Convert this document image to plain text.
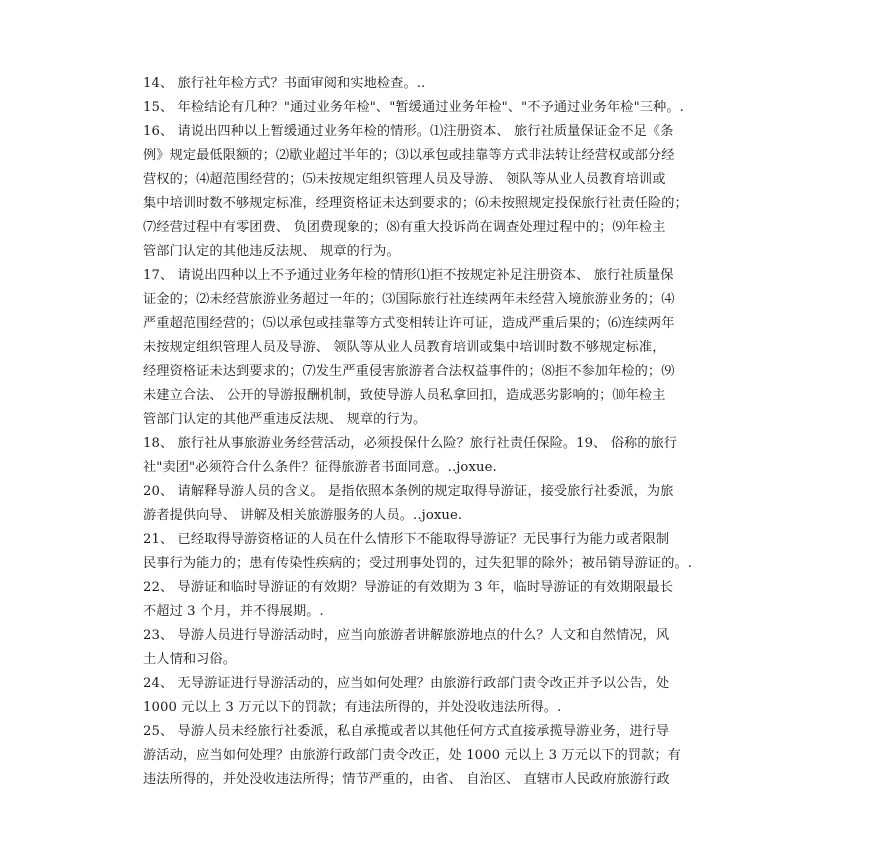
14、 旅行社年检方式？书面审阅和实地检查。..
15、 年检结论有几种？"通过业务年检"、"暂缓通过业务年检"、"不予通过业务年检"三种。.
16、 请说出四种以上暂缓通过业务年检的情形。⑴注册资本、 旅行社质量保证金不足《条
例》规定最低限额的；⑵歇业超过半年的；⑶以承包或挂靠等方式非法转让经营权或部分经
营权的；⑷超范围经营的；⑸未按规定组织管理人员及导游、 领队等从业人员教育培训或
集中培训时数不够规定标准，经理资格证未达到要求的；⑹未按照规定投保旅行社责任险的；
⑺经营过程中有零团费、 负团费现象的；⑻有重大投诉尚在调查处理过程中的；⑼年检主
管部门认定的其他违反法规、 规章的行为。
17、 请说出四种以上不予通过业务年检的情形⑴拒不按规定补足注册资本、 旅行社质量保
证金的；⑵未经营旅游业务超过一年的；⑶国际旅行社连续两年未经营入境旅游业务的；⑷
严重超范围经营的；⑸以承包或挂靠等方式变相转让许可证，造成严重后果的；⑹连续两年
未按规定组织管理人员及导游、 领队等从业人员教育培训或集中培训时数不够规定标准，
经理资格证未达到要求的；⑺发生严重侵害旅游者合法权益事件的；⑻拒不参加年检的；⑼
未建立合法、 公开的导游报酬机制，致使导游人员私拿回扣，造成恶劣影响的；⑽年检主
管部门认定的其他严重违反法规、 规章的行为。
18、 旅行社从事旅游业务经营活动，必须投保什么险？旅行社责任保险。19、 俗称的旅行
社"卖团"必须符合什么条件？征得旅游者书面同意。..joxue.
20、 请解释导游人员的含义。 是指依照本条例的规定取得导游证，接受旅行社委派，为旅
游者提供向导、 讲解及相关旅游服务的人员。..joxue.
21、 已经取得导游资格证的人员在什么情形下不能取得导游证？无民事行为能力或者限制
民事行为能力的；患有传染性疾病的；受过刑事处罚的，过失犯罪的除外；被吊销导游证的。.
22、 导游证和临时导游证的有效期？导游证的有效期为 3 年，临时导游证的有效期限最长
不超过 3 个月，并不得展期。.
23、 导游人员进行导游活动时，应当向旅游者讲解旅游地点的什么？人文和自然情况，风
土人情和习俗。
24、 无导游证进行导游活动的，应当如何处理？由旅游行政部门责令改正并予以公告，处
1000 元以上 3 万元以下的罚款；有违法所得的，并处没收违法所得。.
25、 导游人员未经旅行社委派，私自承揽或者以其他任何方式直接承揽导游业务，进行导
游活动，应当如何处理？由旅游行政部门责令改正，处 1000 元以上 3 万元以下的罚款；有
违法所得的，并处没收违法所得；情节严重的，由省、 自治区、 直辖市人民政府旅游行政
